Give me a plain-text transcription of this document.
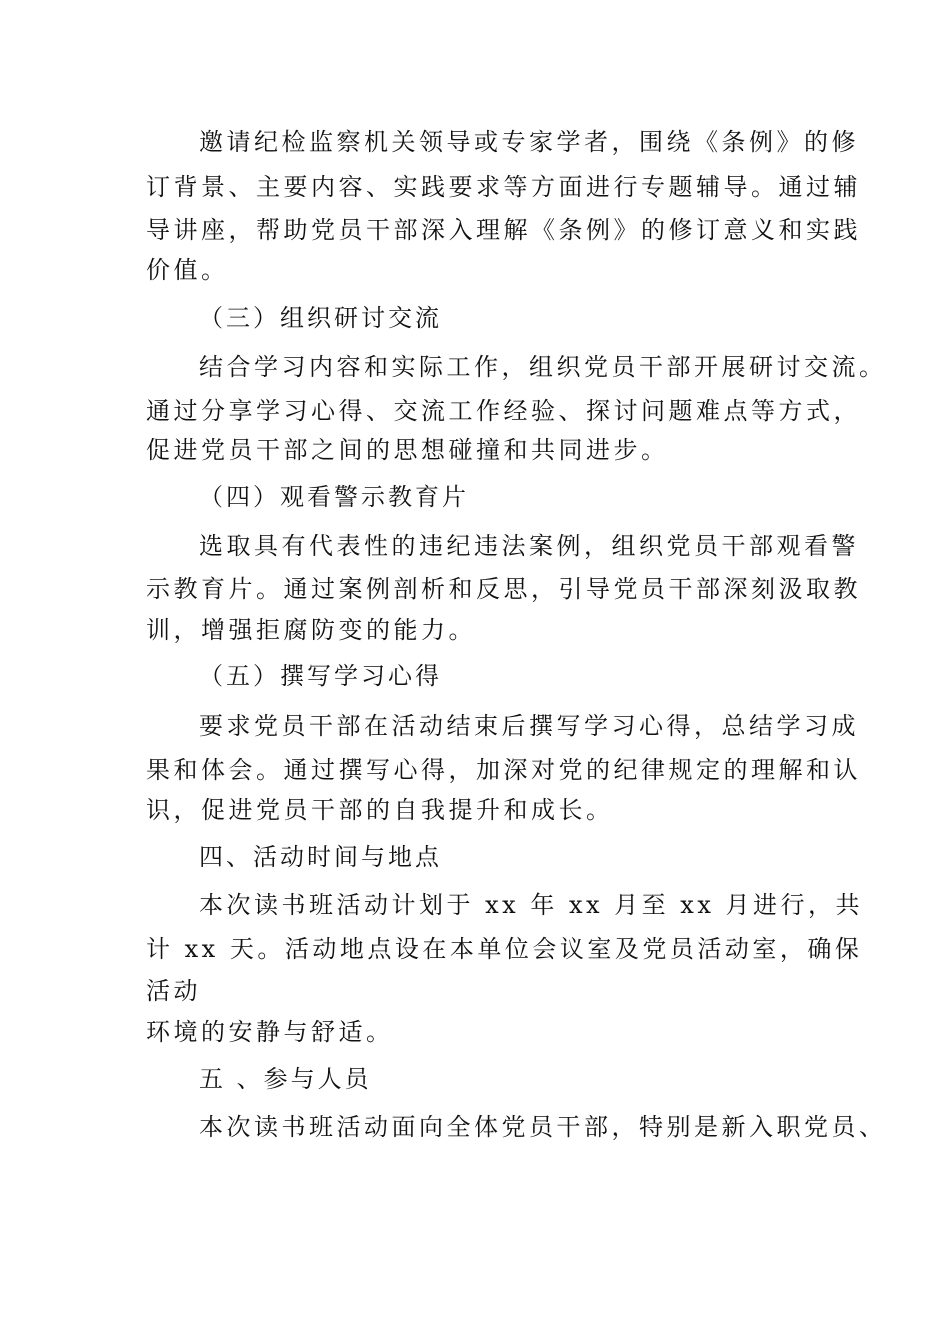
邀请纪检监察机关领导或专家学者，围绕《条例》的修
订背景、主要内容、实践要求等方面进行专题辅导。通过辅
导讲座，帮助党员干部深入理解《条例》的修订意义和实践
价值。
（三）组织研讨交流
结合学习内容和实际工作，组织党员干部开展研讨交流。
通过分享学习心得、交流工作经验、探讨问题难点等方式，
促进党员干部之间的思想碰撞和共同进步。
（四）观看警示教育片
选取具有代表性的违纪违法案例，组织党员干部观看警
示教育片。通过案例剖析和反思，引导党员干部深刻汲取教
训，增强拒腐防变的能力。
（五）撰写学习心得
要求党员干部在活动结束后撰写学习心得，总结学习成
果和体会。通过撰写心得，加深对党的纪律规定的理解和认
识，促进党员干部的自我提升和成长。
四、活动时间与地点
本次读书班活动计划于 xx 年 xx 月至 xx 月进行，共
计 xx 天。活动地点设在本单位会议室及党员活动室，确保
活动
环境的安静与舒适。
五 、参与人员
本次读书班活动面向全体党员干部，特别是新入职党员、
